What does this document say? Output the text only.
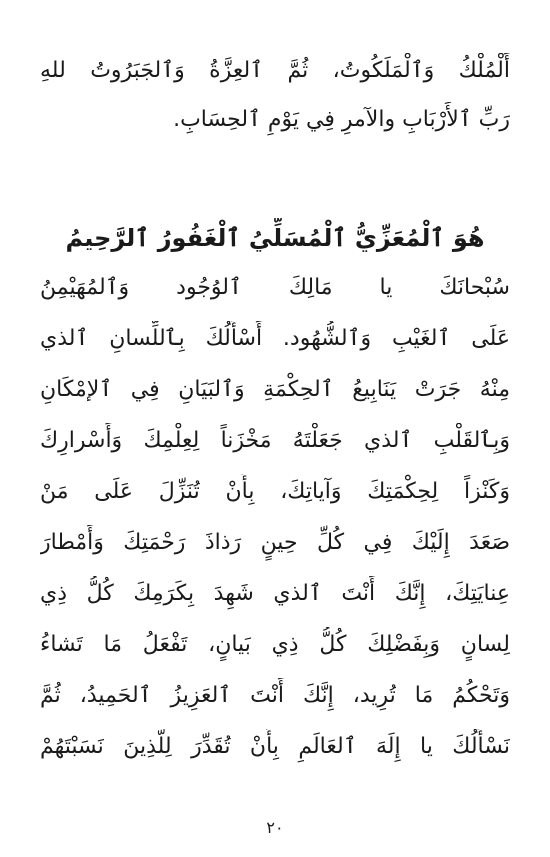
أَلْمُلْكُ وَٱلْمَلَكُوتُ، ثُمَّ ٱلعِزَّةُ وَٱلجَبَرُوتُ للهِ
رَبِّ ٱلأَرْبَابِ والآمرِ فِي يَوْمِ ٱلحِسَابِ.
هُوَ ٱلْمُعَزِّيُّ ٱلْمُسَلِّيُ ٱلْغَفُورُ ٱلرَّحِيمُ
سُبْحانَكَ يا مَالِكَ ٱلوُجُود وَٱلمُهَيْمِنُ
عَلَى ٱلغَيْبِ وَٱلشُّهُود. أَسْأَلُكَ بِٱللِّسانِ ٱلذي
مِنْهُ جَرَتْ يَنَابِيعُ ٱلحِكْمَةِ وَٱلبَيَانِ فِي ٱلإمْكَانِ
وَبِٱلقَلْبِ ٱلذي جَعَلْتَهُ مَخْزَناً لِعِلْمِكَ وَأَسْرارِكَ
وَكَنْزاً لِحِكْمَتِكَ وَآياتِكَ، بِأَنْ تُنَزِّلَ عَلَى مَنْ
صَعَدَ إِلَيْكَ فِي كُلِّ حِينٍ رَذاذَ رَحْمَتِكَ وَأَمْطارَ
عِنايَتِكَ، إِنَّكَ أَنْتَ ٱلذي شَهِدَ بِكَرَمِكَ كُلُّ ذِي
لِسانٍ وَبِفَضْلِكَ كُلُّ ذِي بَيانٍ، تَفْعَلُ مَا تَشاءُ
وَتَحْكُمُ مَا تُرِيد، إِنَّكَ أَنْتَ ٱلعَزِيزُ ٱلحَمِيدُ، ثُمَّ
نَسْأَلُكَ يا إِلَهَ ٱلعَالَمِ بِأَنْ تُقَدِّرَ لِلَّذِينَ نَسَبْتَهُمْ
٢٠
